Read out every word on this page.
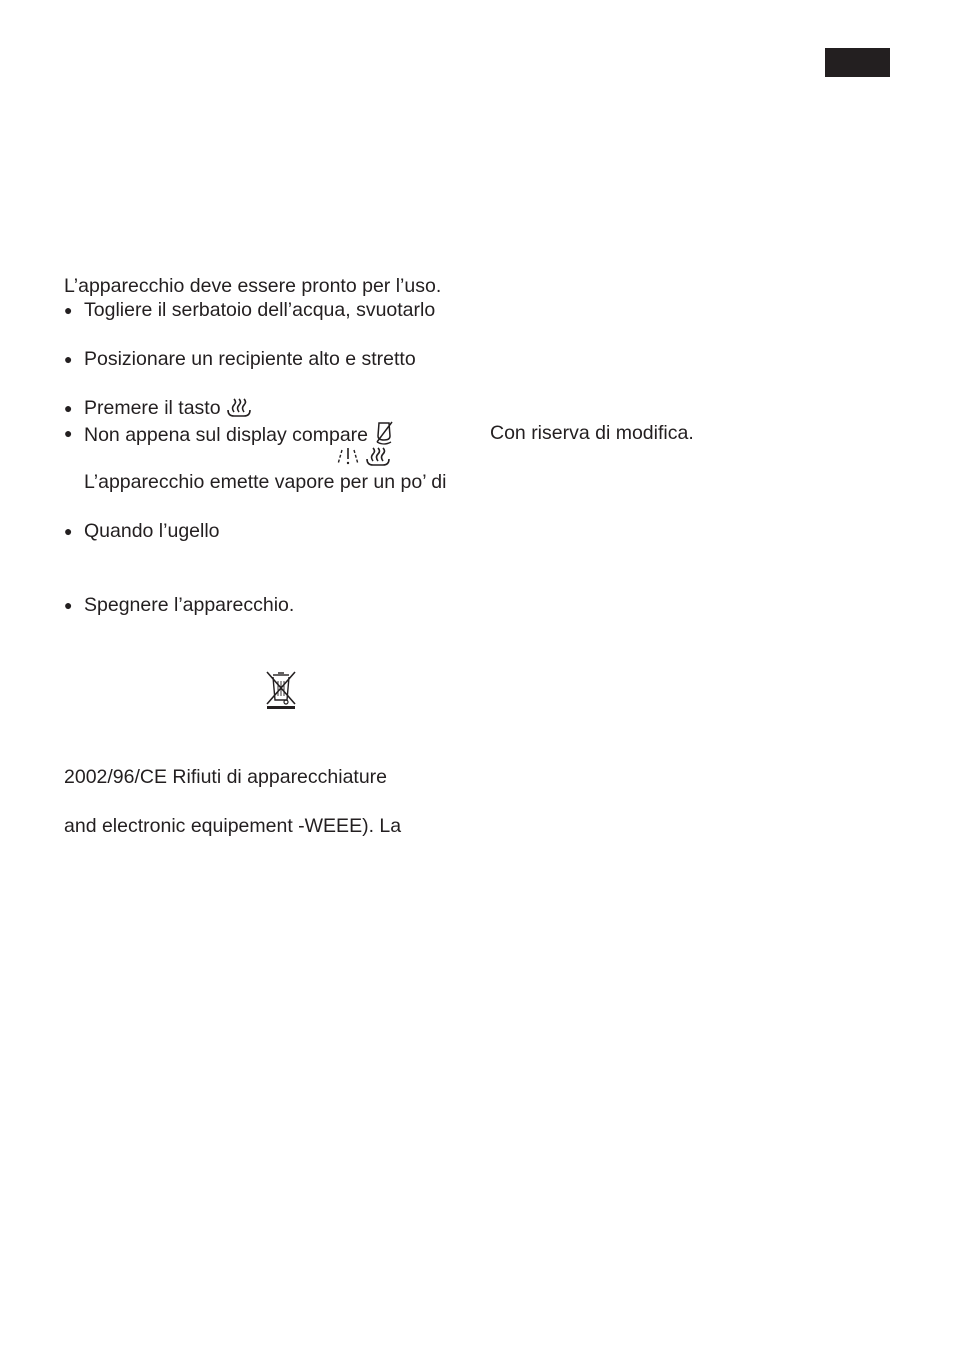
L’apparecchio deve essere pronto per l’uso.
● Togliere il serbatoio dell’acqua, svuotarlo
● Posizionare un recipiente alto e stretto
● Premere il tasto
● Non appena sul display compare	Con riserva di modifica.
L’apparecchio emette vapore per un po’ di
● Quando l’ugello
● Spegnere l’apparecchio.
2002/96/CE Rifiuti di apparecchiature
and electronic equipement -WEEE). La
